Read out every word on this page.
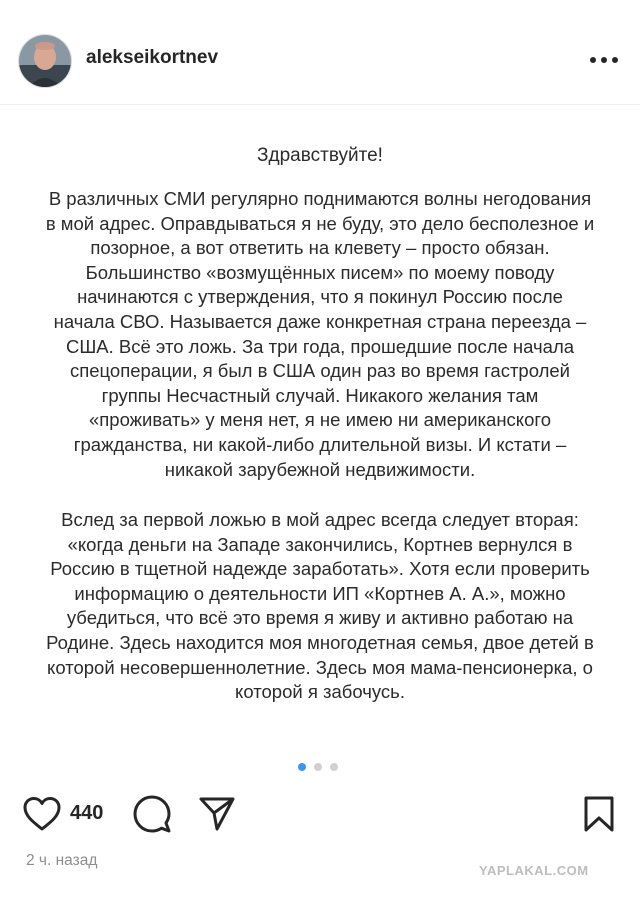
alekseikortnev
Здравствуйте!

В различных СМИ регулярно поднимаются волны негодования
в мой адрес. Оправдываться я не буду, это дело бесполезное и
позорное, а вот ответить на клевету – просто обязан.
Большинство «возмущённых писем» по моему поводу
начинаются с утверждения, что я покинул Россию после
начала СВО. Называется даже конкретная страна переезда –
США. Всё это ложь. За три года, прошедшие после начала
спецоперации, я был в США один раз во время гастролей
группы Несчастный случай. Никакого желания там
«проживать» у меня нет, я не имею ни американского
гражданства, ни какой-либо длительной визы. И кстати –
никакой зарубежной недвижимости.

Вслед за первой ложью в мой адрес всегда следует вторая:
«когда деньги на Западе закончились, Кортнев вернулся в
Россию в тщетной надежде заработать». Хотя если проверить
информацию о деятельности ИП «Кортнев А. А.», можно
убедиться, что всё это время я живу и активно работаю на
Родине. Здесь находится моя многодетная семья, двое детей в
которой несовершеннолетние. Здесь моя мама-пенсионерка, о
которой я забочусь.

440
2 ч. назад
YAPLAKAL.COM
